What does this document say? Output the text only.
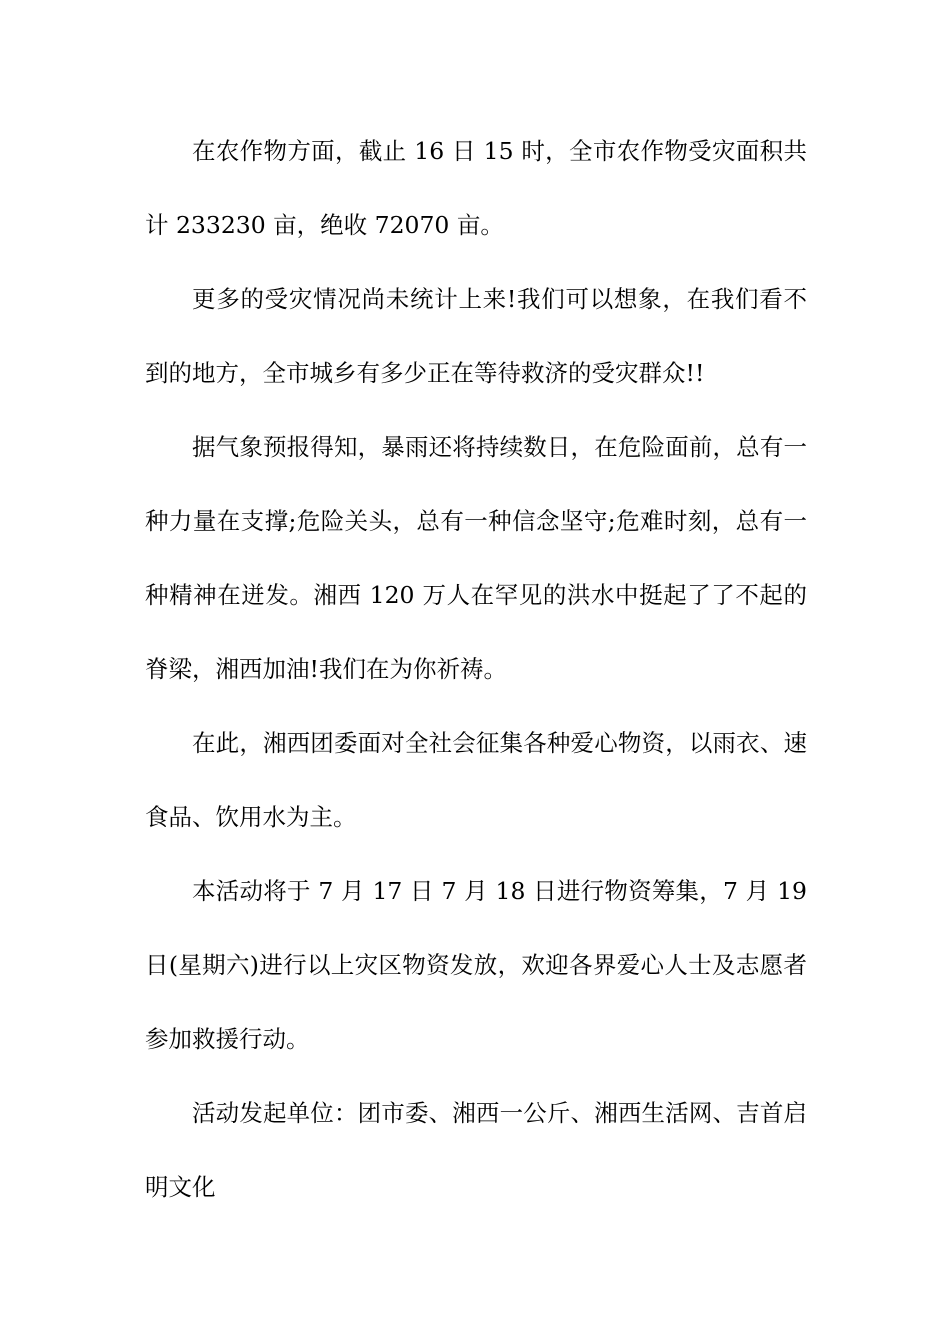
在农作物方面，截止 16 日 15 时，全市农作物受灾面积共计 233230 亩，绝收 72070 亩。

更多的受灾情况尚未统计上来!我们可以想象，在我们看不到的地方，全市城乡有多少正在等待救济的受灾群众!!

据气象预报得知，暴雨还将持续数日，在危险面前，总有一种力量在支撑;危险关头，总有一种信念坚守;危难时刻，总有一种精神在迸发。湘西 120 万人在罕见的洪水中挺起了了不起的脊梁，湘西加油!我们在为你祈祷。

在此，湘西团委面对全社会征集各种爱心物资，以雨衣、速食品、饮用水为主。

本活动将于 7 月 17 日 7 月 18 日进行物资筹集，7 月 19 日(星期六)进行以上灾区物资发放，欢迎各界爱心人士及志愿者参加救援行动。

活动发起单位：团市委、湘西一公斤、湘西生活网、吉首启明文化
